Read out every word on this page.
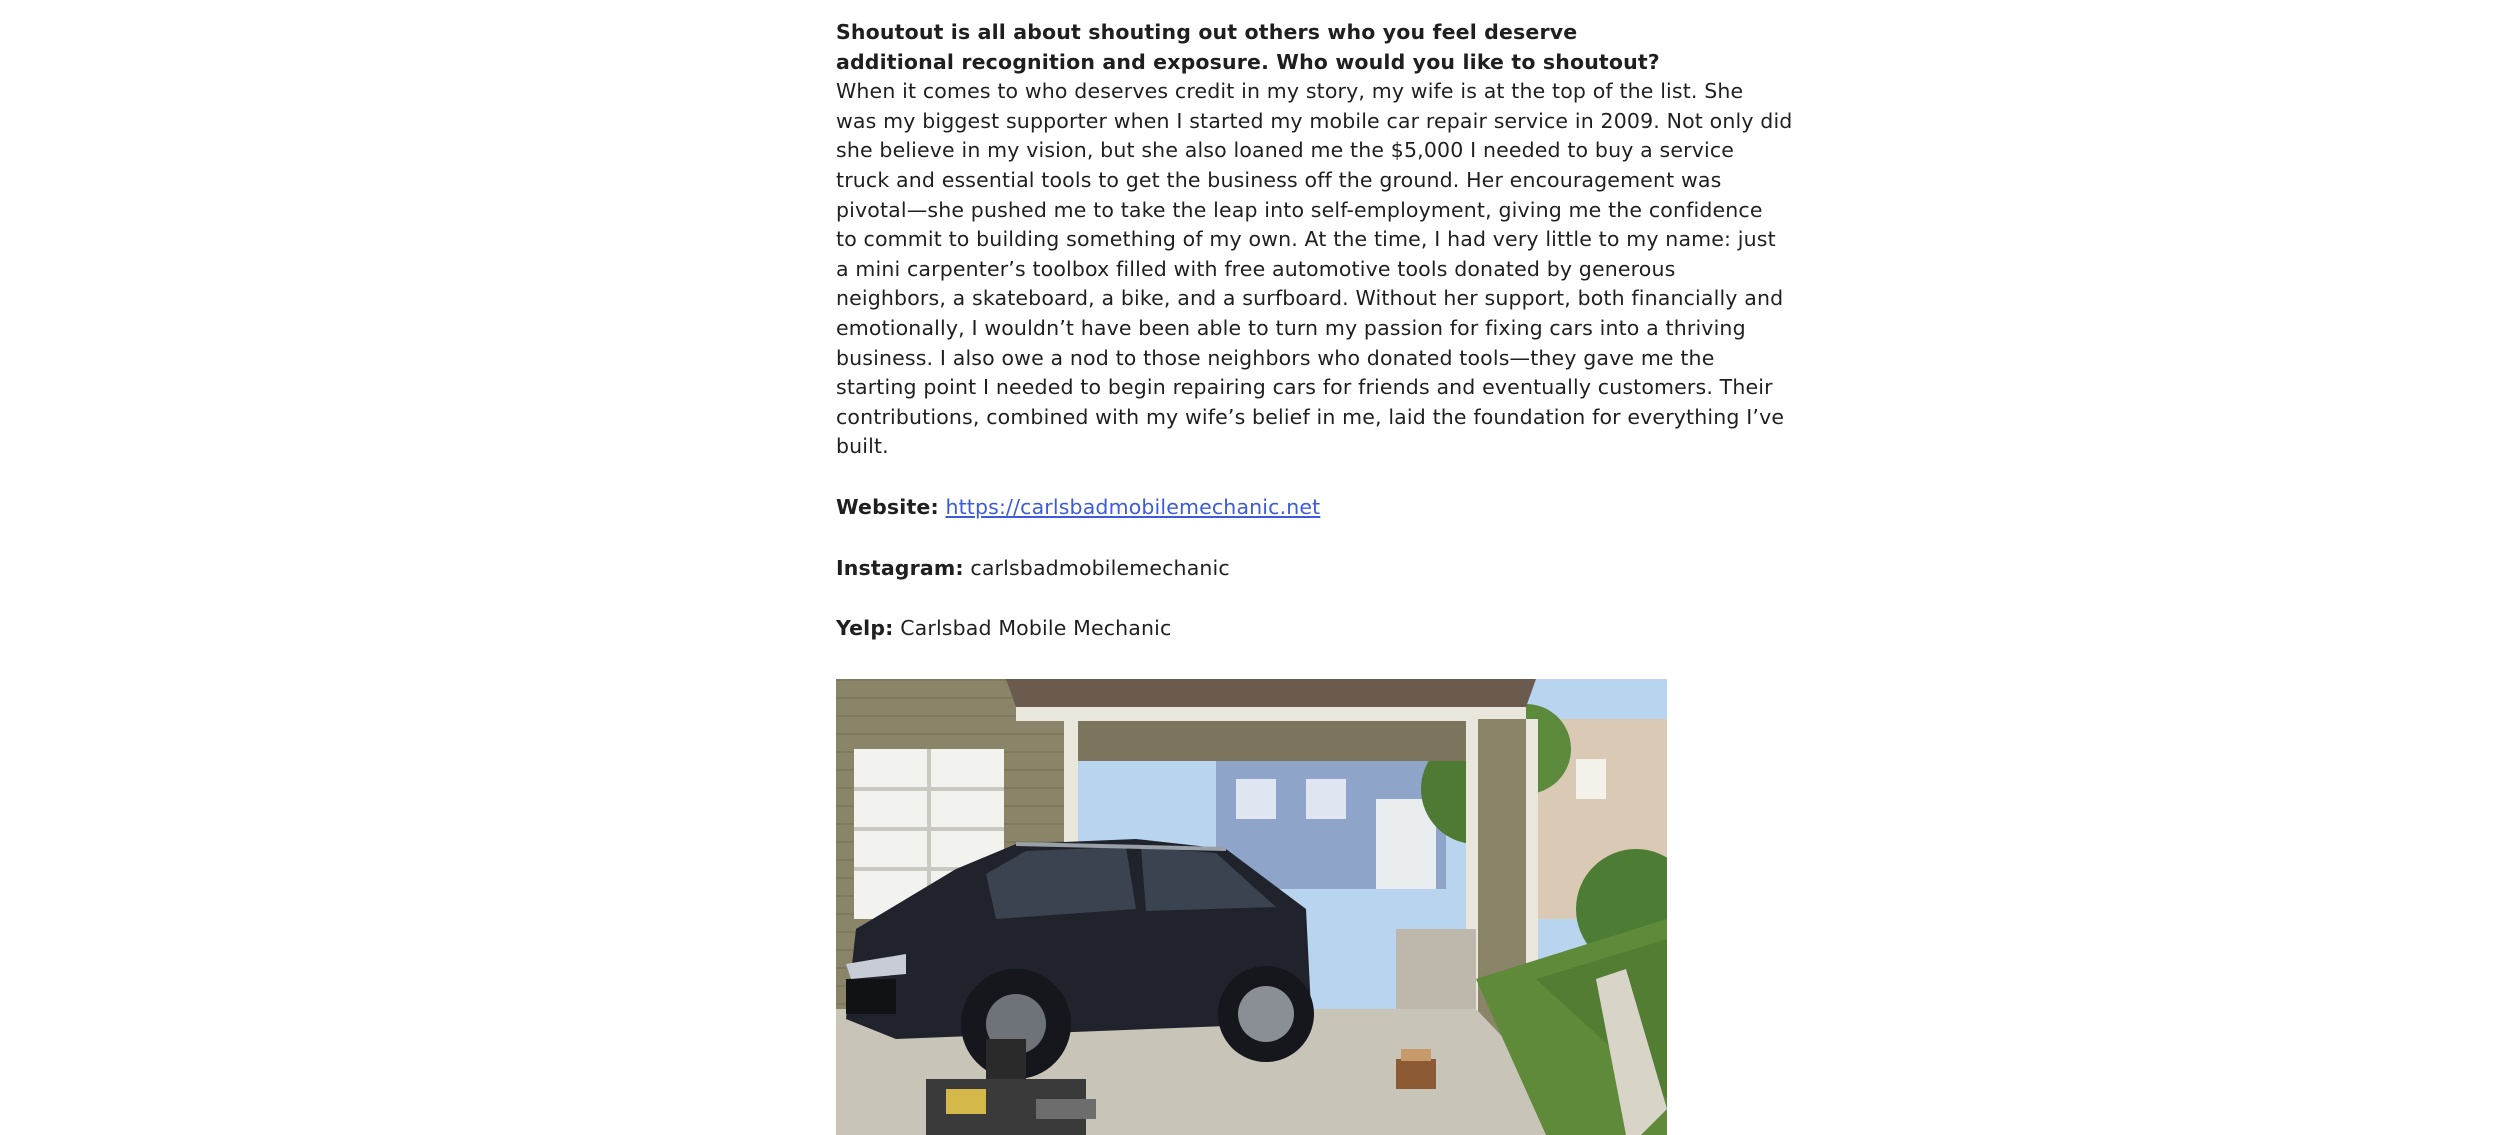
Shoutout is all about shouting out others who you feel deserve additional recognition and exposure. Who would you like to shoutout?

When it comes to who deserves credit in my story, my wife is at the top of the list. She
was my biggest supporter when I started my mobile car repair service in 2009. Not only did
she believe in my vision, but she also loaned me the $5,000 I needed to buy a service
truck and essential tools to get the business off the ground. Her encouragement was
pivotal—she pushed me to take the leap into self-employment, giving me the confidence
to commit to building something of my own. At the time, I had very little to my name: just
a mini carpenter’s toolbox filled with free automotive tools donated by generous
neighbors, a skateboard, a bike, and a surfboard. Without her support, both financially and
emotionally, I wouldn’t have been able to turn my passion for fixing cars into a thriving
business. I also owe a nod to those neighbors who donated tools—they gave me the
starting point I needed to begin repairing cars for friends and eventually customers. Their
contributions, combined with my wife’s belief in me, laid the foundation for everything I’ve
built.

Website: https://carlsbadmobilemechanic.net

Instagram: carlsbadmobilemechanic

Yelp: Carlsbad Mobile Mechanic
